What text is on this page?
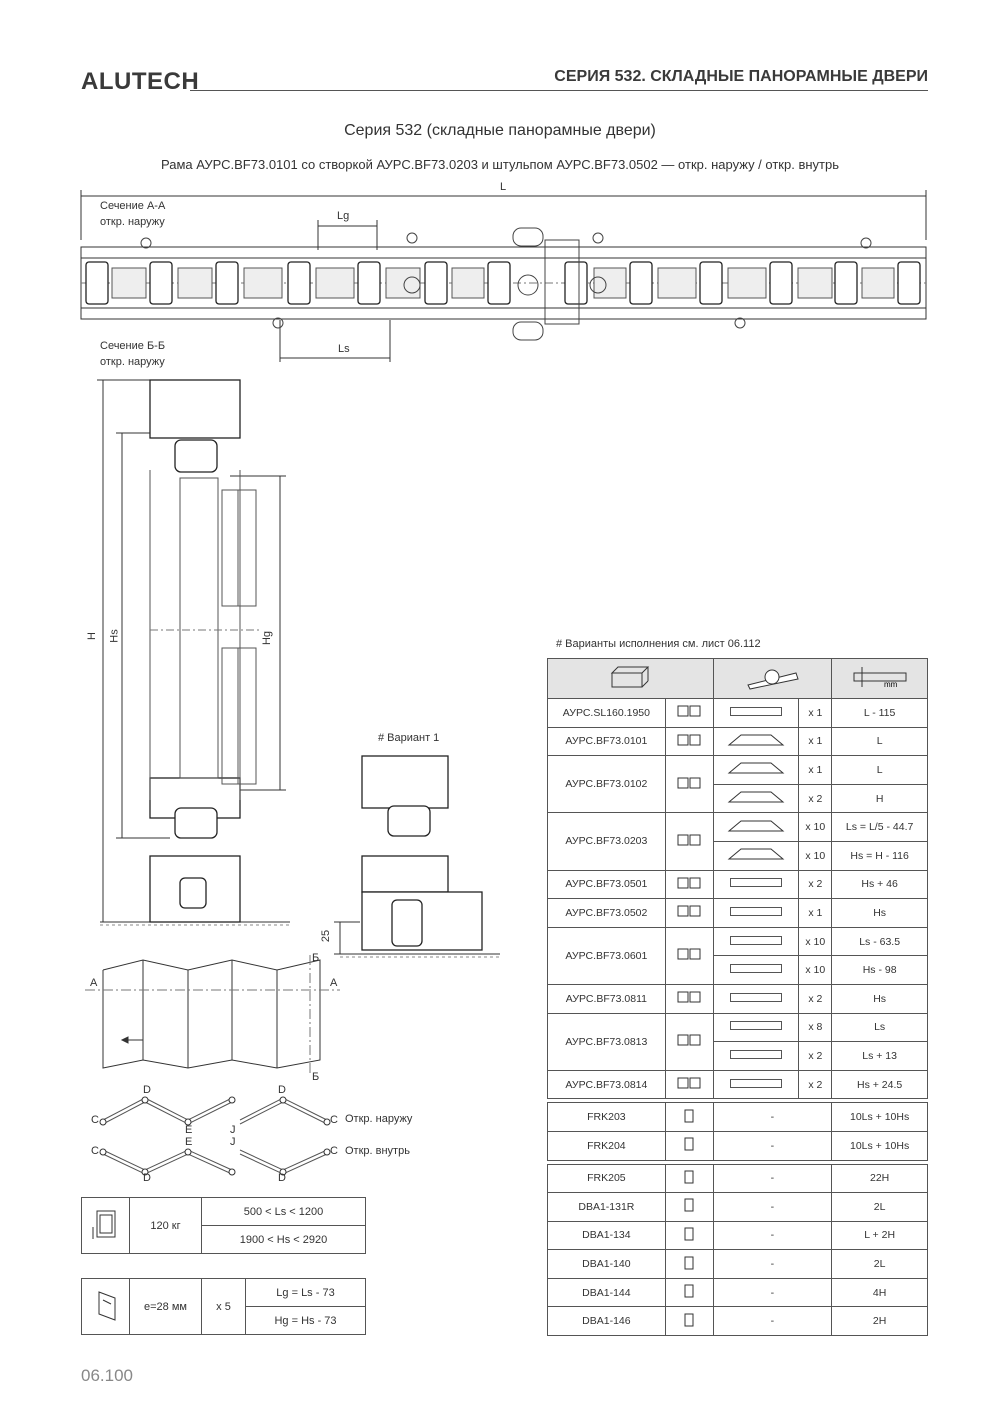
ALUTECH	СЕРИЯ 532. СКЛАДНЫЕ ПАНОРАМНЫЕ ДВЕРИ
Серия 532 (складные панорамные двери)
Рама АУРС.BF73.0101 со створкой АУРС.BF73.0203 и штульпом АУРС.BF73.0502 — откр. наружу / откр. внутрь
Сечение А-А
откр. наружу
L
Lg
Ls
Сечение Б-Б
откр. наружу
H Hs	Hg
# Вариант 1
25
А	А
Б
Б
D	D
C	C
E	J
Откр. наружу
E	J
C	C Откр. внутрь
D	D
	120 кг	500 < Ls < 1200
1900 < Hs < 2920
	e=28 мм	x 5	Lg = Ls - 73
Hg = Hs - 73
# Варианты исполнения см. лист 06.112

mm

АУРС.SL160.1950			x 1	L - 115
АУРС.BF73.0101			x 1	L
АУРС.BF73.0102			x 1	L
	x 2	H
АУРС.BF73.0203			x 10	Ls = L/5 - 44.7
	x 10	Hs = H - 116
АУРС.BF73.0501			x 2	Hs + 46
АУРС.BF73.0502			x 1	Hs
АУРС.BF73.0601			x 10	Ls - 63.5
			x 10	Hs - 98
АУРС.BF73.0811			x 2	Hs
АУРС.BF73.0813			x 8	Ls
			x 2	Ls + 13
АУРС.BF73.0814			x 2	Hs + 24.5

FRK203		-		10Ls + 10Hs
FRK204		-		10Ls + 10Hs

FRK205		-		22H
DBA1-131R		-		2L
DBA1-134		-		L + 2H
DBA1-140		-		2L
DBA1-144		-		4H
DBA1-146		-		2H
06.100
